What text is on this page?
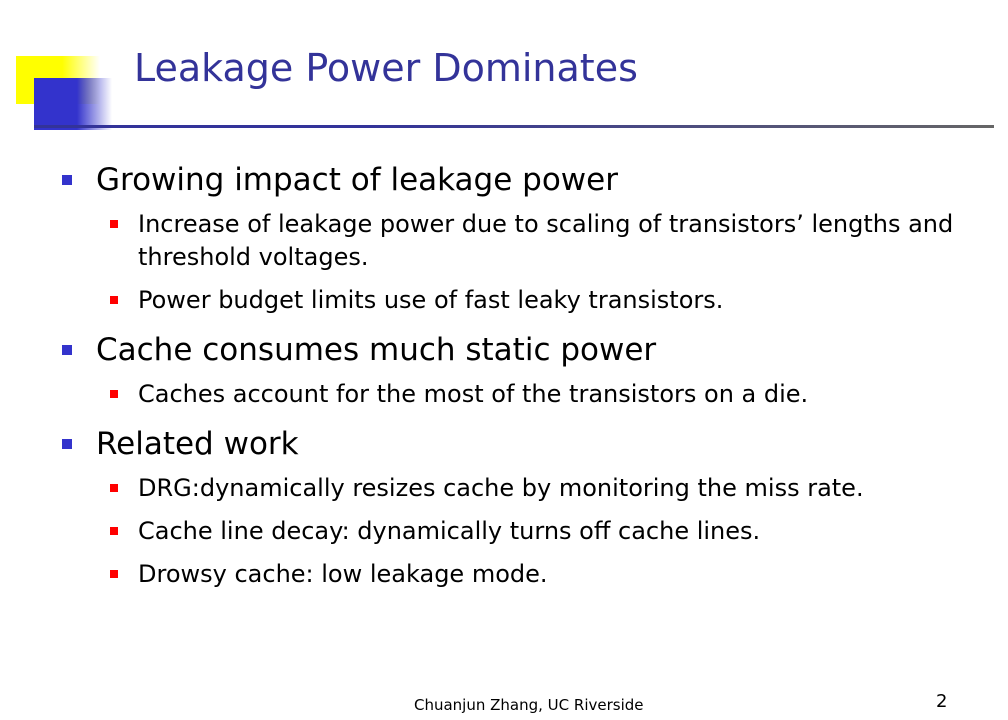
Leakage Power Dominates
Growing impact of leakage power
Increase of leakage power due to scaling of transistors’ lengths and threshold voltages.
Power budget limits use of fast leaky transistors.
Cache consumes much static power
Caches account for the most of the transistors on a die.
Related work
DRG:dynamically resizes cache by monitoring the miss rate.
Cache line decay: dynamically turns off cache lines.
Drowsy cache: low leakage mode.
Chuanjun Zhang, UC Riverside	2
